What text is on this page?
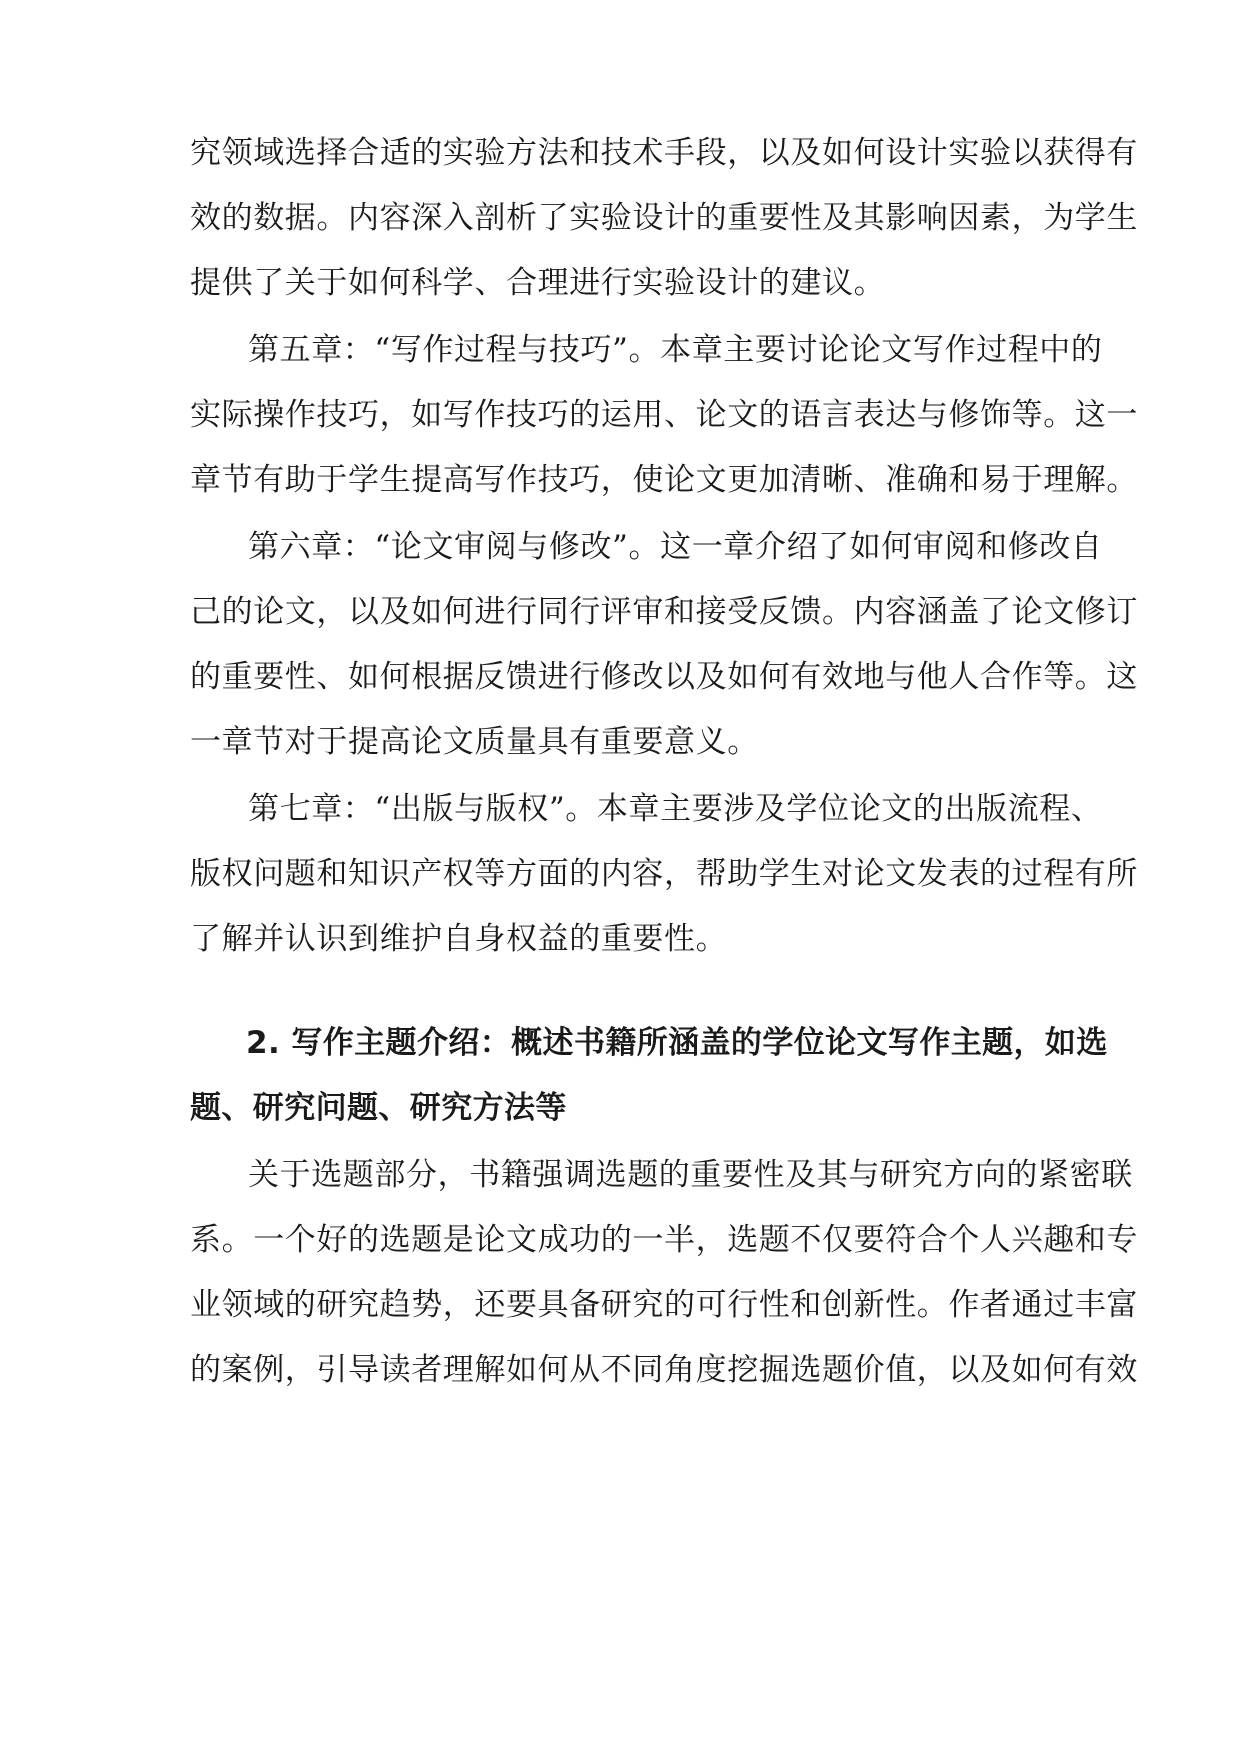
究领域选择合适的实验方法和技术手段，以及如何设计实验以获得有
效的数据。内容深入剖析了实验设计的重要性及其影响因素，为学生
提供了关于如何科学、合理进行实验设计的建议。
第五章：“写作过程与技巧”。本章主要讨论论文写作过程中的
实际操作技巧，如写作技巧的运用、论文的语言表达与修饰等。这一
章节有助于学生提高写作技巧，使论文更加清晰、准确和易于理解。
第六章：“论文审阅与修改”。这一章介绍了如何审阅和修改自
己的论文，以及如何进行同行评审和接受反馈。内容涵盖了论文修订
的重要性、如何根据反馈进行修改以及如何有效地与他人合作等。这
一章节对于提高论文质量具有重要意义。
第七章：“出版与版权”。本章主要涉及学位论文的出版流程、
版权问题和知识产权等方面的内容，帮助学生对论文发表的过程有所
了解并认识到维护自身权益的重要性。
2. 写作主题介绍：概述书籍所涵盖的学位论文写作主题，如选
题、研究问题、研究方法等
关于选题部分，书籍强调选题的重要性及其与研究方向的紧密联
系。一个好的选题是论文成功的一半，选题不仅要符合个人兴趣和专
业领域的研究趋势，还要具备研究的可行性和创新性。作者通过丰富
的案例，引导读者理解如何从不同角度挖掘选题价值，以及如何有效
